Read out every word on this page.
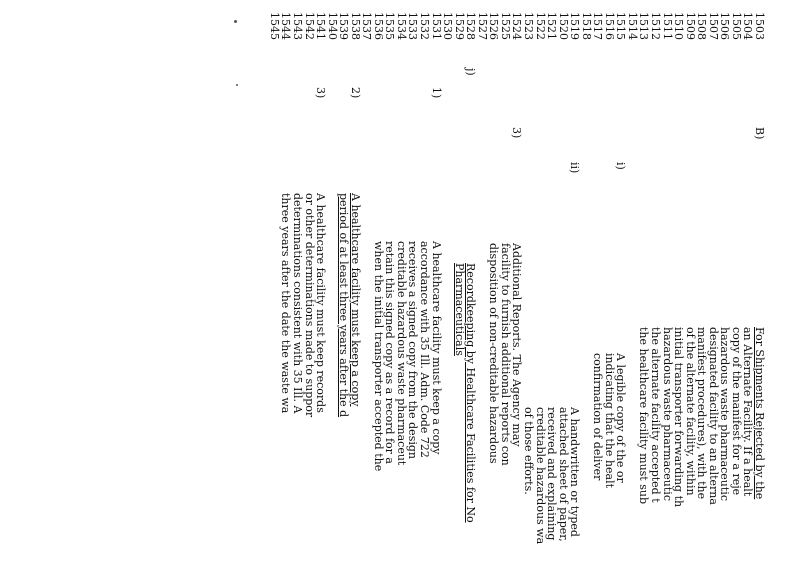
1503
1504
1505
1506
1507
1508
1509
1510
1511
1512
1513
1514
1515
1516
1517
1518
1519
1520
1521
1522
1523
1524
1525
1526
1527
1528
1529
1530
1531
1532
1533
1534
1535
1536
1537
1538
1539
1540
1541
1542
1543
1544
1545
B)
For Shipments Rejected by the
an Alternate Facility. If a healt
copy of the manifest for a reje
hazardous waste pharmaceutic
designated facility to an alterna
manifest procedures), with the
of the alternate facility, within
initial transporter forwarding th
hazardous waste pharmaceutic
the alternate facility accepted t
the healthcare facility must sub
i)
A legible copy of the or
indicating that the healt
confirmation of deliver
ii)
A handwritten or typed
attached sheet of paper,
received and explaining
creditable hazardous wa
of those efforts.
3)
Additional Reports. The Agency may
facility to furnish additional reports con
disposition of non-creditable hazardous
j)
Recordkeeping by Healthcare Facilities for No
Pharmaceuticals
1)
A healthcare facility must keep a copy
accordance with 35 Ill. Adm. Code 722
receives a signed copy from the design
creditable hazardous waste pharmaceut
retain this signed copy as a record for a
when the initial transporter accepted the
2)
A healthcare facility must keep a copy
period of at least three years after the d
3)
A healthcare facility must keep records
or other determinations made to suppor
determinations consistent with 35 Ill. A
three years after the date the waste wa
